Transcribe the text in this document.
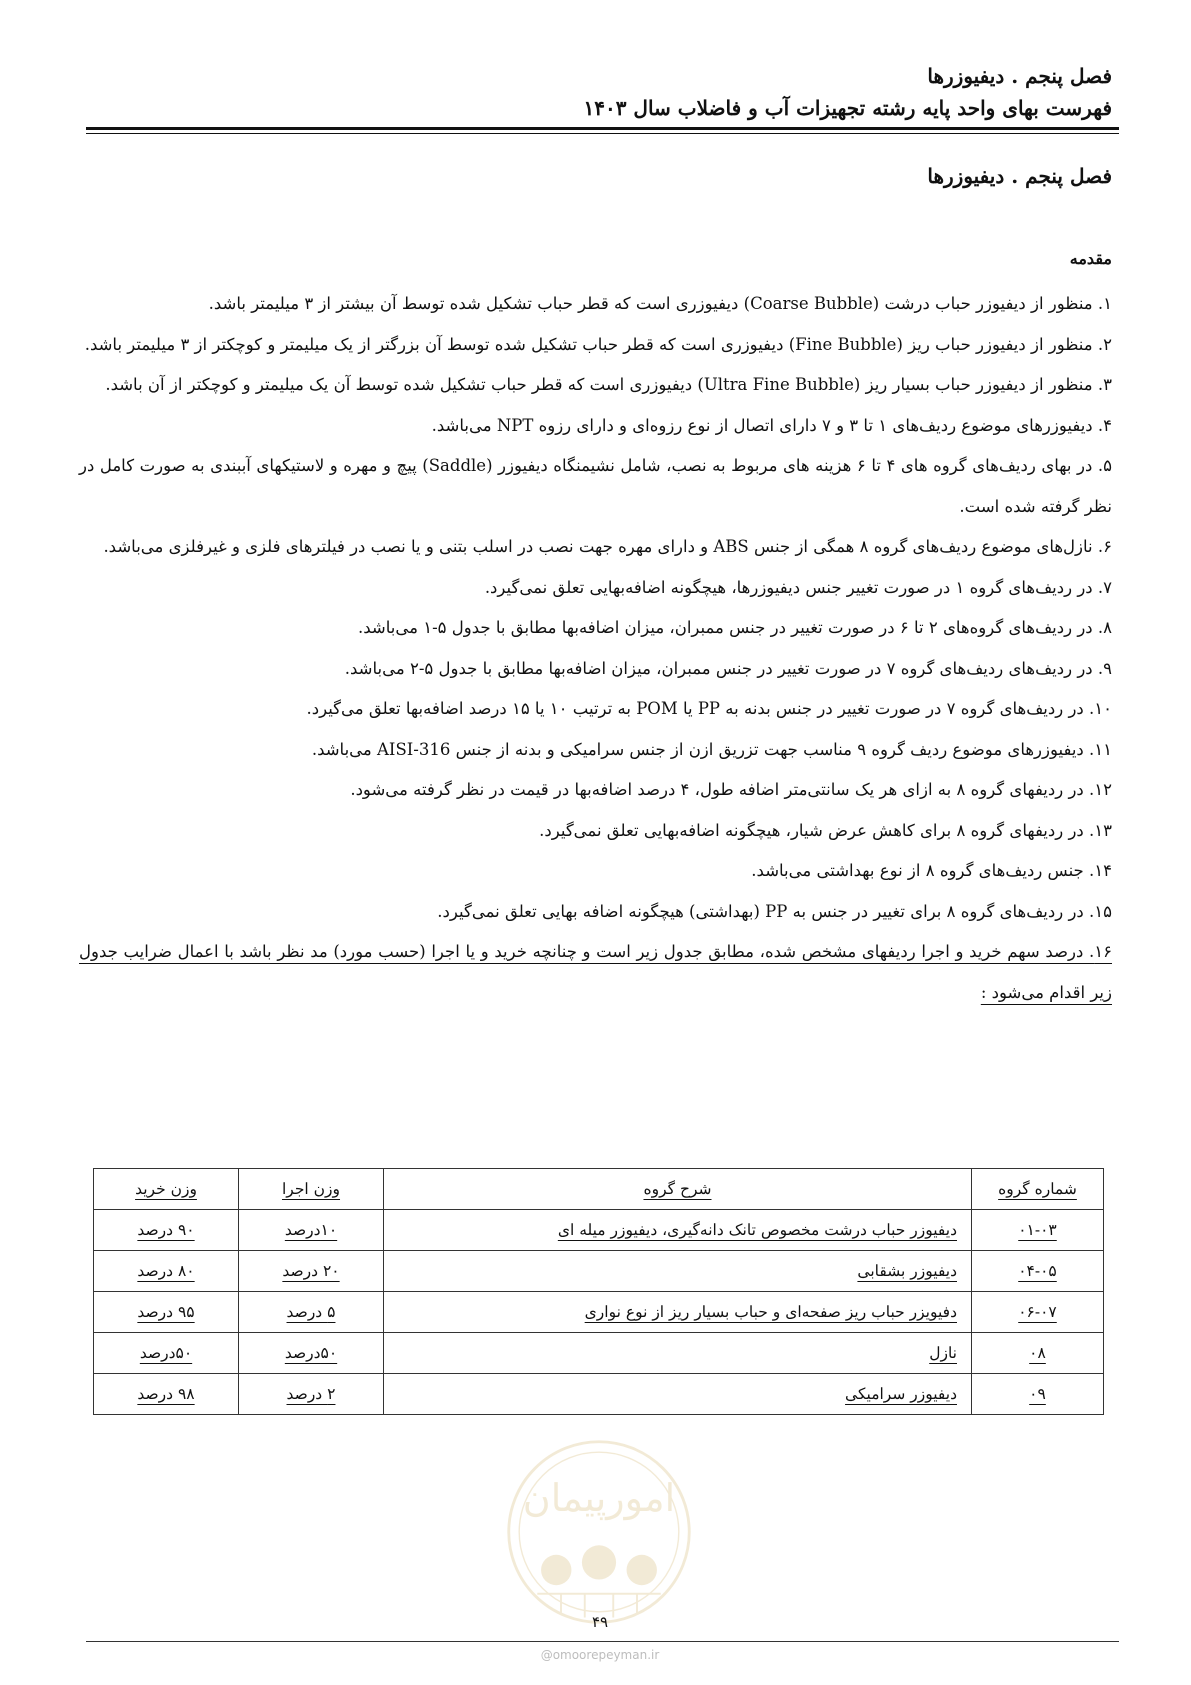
فصل پنجم . دیفیوزرها
فهرست بهای واحد پایه رشته تجهیزات آب و فاضلاب سال ۱۴۰۳
فصل پنجم . دیفیوزرها
مقدمه

۱. منظور از دیفیوزر حباب درشت (Coarse Bubble) دیفیوزری است که قطر حباب تشکیل شده توسط آن بیشتر از ۳ میلیمتر باشد.

۲. منظور از دیفیوزر حباب ریز (Fine Bubble) دیفیوزری است که قطر حباب تشکیل شده توسط آن بزرگتر از یک میلیمتر و کوچکتر از ۳ میلیمتر باشد.

۳. منظور از دیفیوزر حباب بسیار ریز (Ultra Fine Bubble) دیفیوزری است که قطر حباب تشکیل شده توسط آن یک میلیمتر و کوچکتر از آن باشد.

۴. دیفیوزرهای موضوع ردیف‌های ۱ تا ۳ و ۷ دارای اتصال از نوع رزوه‌ای و دارای رزوه NPT می‌باشد.

۵. در بهای ردیف‌های گروه های ۴ تا ۶ هزینه های مربوط به نصب، شامل نشیمنگاه دیفیوزر (Saddle) پیچ و مهره و لاستیکهای آببندی به صورت کامل در نظر گرفته شده است.

۶. نازل‌های موضوع ردیف‌های گروه ۸ همگی از جنس ABS و دارای مهره جهت نصب در اسلب بتنی و یا نصب در فیلترهای فلزی و غیرفلزی می‌باشد.

۷. در ردیف‌های گروه ۱ در صورت تغییر جنس دیفیوزرها، هیچگونه اضافه‌بهایی تعلق نمی‌گیرد.

۸. در ردیف‌های گروه‌های ۲ تا ۶ در صورت تغییر در جنس ممبران، میزان اضافه‌بها مطابق با جدول ۵-۱ می‌باشد.

۹. در ردیف‌های ردیف‌های گروه ۷ در صورت تغییر در جنس ممبران، میزان اضافه‌بها مطابق با جدول ۵-۲ می‌باشد.

۱۰. در ردیف‌های گروه ۷ در صورت تغییر در جنس بدنه به PP یا POM به ترتیب ۱۰ یا ۱۵ درصد اضافه‌بها تعلق می‌گیرد.

۱۱. دیفیوزرهای موضوع ردیف گروه ۹ مناسب جهت تزریق ازن از جنس سرامیکی و بدنه از جنس AISI-316 می‌باشد.

۱۲. در ردیفهای گروه ۸ به ازای هر یک سانتی‌متر اضافه طول، ۴ درصد اضافه‌بها در قیمت در نظر گرفته می‌شود.

۱۳. در ردیفهای گروه ۸ برای کاهش عرض شیار، هیچگونه اضافه‌بهایی تعلق نمی‌گیرد.

۱۴. جنس ردیف‌های گروه ۸ از نوع بهداشتی می‌باشد.

۱۵. در ردیف‌های گروه ۸ برای تغییر در جنس به PP (بهداشتی) هیچگونه اضافه بهایی تعلق نمی‌گیرد.

۱۶. درصد سهم خرید و اجرا ردیفهای مشخص شده، مطابق جدول زیر است و چنانچه خرید و یا اجرا (حسب مورد) مد نظر باشد با اعمال ضرایب جدول زیر اقدام می‌شود :

شماره گروه	شرح گروه	وزن اجرا	وزن خرید
۰۱-۰۳	دیفیوزر حباب درشت مخصوص تانک دانه‌گیری، دیفیوزر میله ای	۱۰درصد	۹۰ درصد
۰۴-۰۵	دیفیوزر بشقابی	۲۰ درصد	۸۰ درصد
۰۶-۰۷	دفیویزر حباب ریز صفحه‌ای و حباب بسیار ریز از نوع نواری	۵ درصد	۹۵ درصد
۰۸	نازل	۵۰درصد	۵۰درصد
۰۹	دیفیوزر سرامیکی	۲ درصد	۹۸ درصد
امورپیمان
۴۹
@omoorepeyman.ir
